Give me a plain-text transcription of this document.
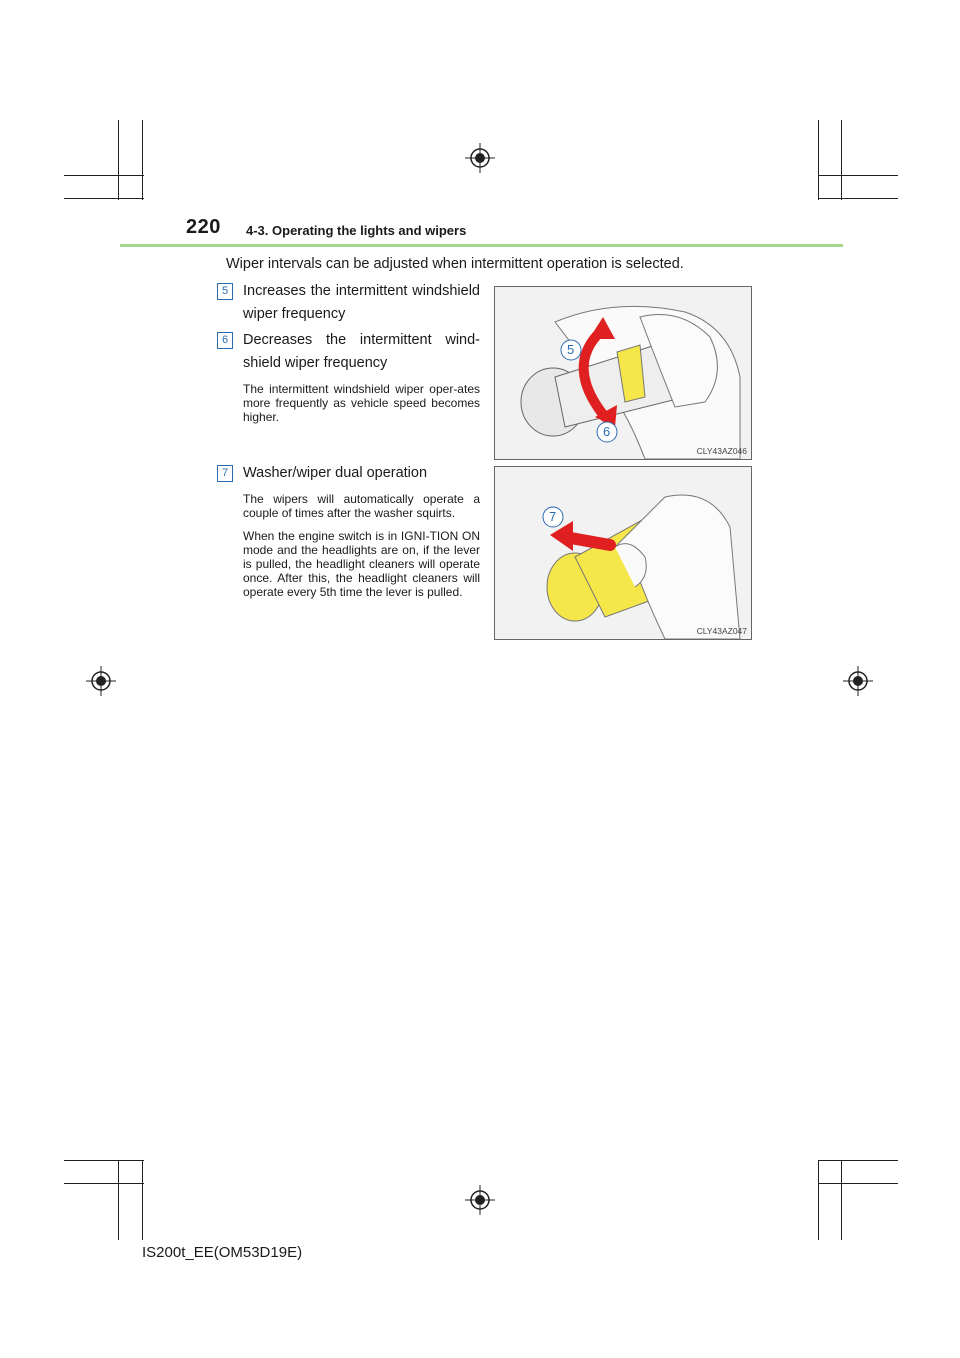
220 4-3. Operating the lights and wipers
Wiper intervals can be adjusted when intermittent operation is selected.
5	Increases the intermittent windshield wiper frequency
6	Decreases the intermittent wind-shield wiper frequency
The intermittent windshield wiper oper-ates more frequently as vehicle speed becomes higher.
5
6
CLY43AZ046
7	Washer/wiper dual operation
The wipers will automatically operate a couple of times after the washer squirts.
When the engine switch is in IGNI-TION ON mode and the headlights are on, if the lever is pulled, the headlight cleaners will operate once. After this, the headlight cleaners will operate every 5th time the lever is pulled.
7
CLY43AZ047
IS200t_EE(OM53D19E)
